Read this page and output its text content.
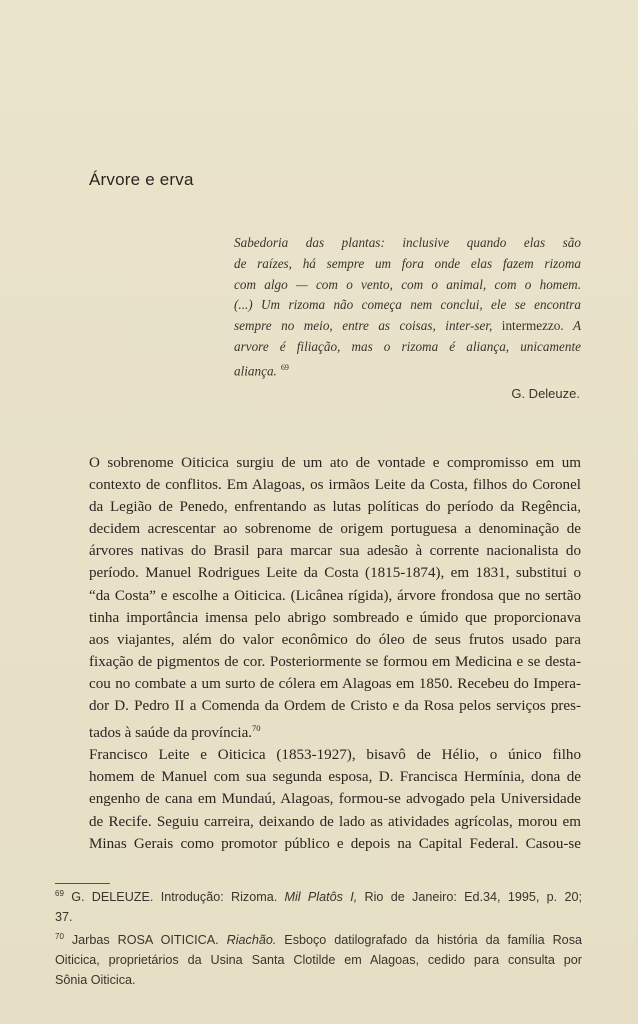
Árvore e erva
Sabedoria das plantas: inclusive quando elas são
de raízes, há sempre um fora onde elas fazem rizoma
com algo — com o vento, com o animal, com o homem.
(...) Um rizoma não começa nem conclui, ele se encontra
sempre no meio, entre as coisas, inter-ser, intermezzo. A
arvore é filiação, mas o rizoma é aliança, unicamente
aliança. $^{69}$

G. Deleuze.

O sobrenome Oiticica surgiu de um ato de vontade e compromisso em um
contexto de conflitos. Em Alagoas, os irmãos Leite da Costa, filhos do Coronel
da Legião de Penedo, enfrentando as lutas políticas do período da Regência,
decidem acrescentar ao sobrenome de origem portuguesa a denominação de
árvores nativas do Brasil para marcar sua adesão à corrente nacionalista do
período. Manuel Rodrigues Leite da Costa (1815-1874), em 1831, substitui o
“da Costa” e escolhe a Oiticica. (Licânea rígida), árvore frondosa que no sertão
tinha importância imensa pelo abrigo sombreado e úmido que proporcionava
aos viajantes, além do valor econômico do óleo de seus frutos usado para
fixação de pigmentos de cor. Posteriormente se formou em Medicina e se desta-
cou no combate a um surto de cólera em Alagoas em 1850. Recebeu do Impera-
dor D. Pedro II a Comenda da Ordem de Cristo e da Rosa pelos serviços pres-
tados à saúde da província.$^{70}$
Francisco Leite e Oiticica (1853-1927), bisavô de Hélio, o único filho
homem de Manuel com sua segunda esposa, D. Francisca Hermínia, dona de
engenho de cana em Mundaú, Alagoas, formou-se advogado pela Universidade
de Recife. Seguiu carreira, deixando de lado as atividades agrícolas, morou em
Minas Gerais como promotor público e depois na Capital Federal. Casou-se
$^{69}$ G. DELEUZE. Introdução: Rizoma. Mil Platôs I, Rio de Janeiro: Ed.34, 1995, p. 20;
37.
$^{70}$ Jarbas ROSA OITICICA. Riachão. Esboço datilografado da história da família Rosa
Oiticica, proprietários da Usina Santa Clotilde em Alagoas, cedido para consulta por
Sônia Oiticica.
